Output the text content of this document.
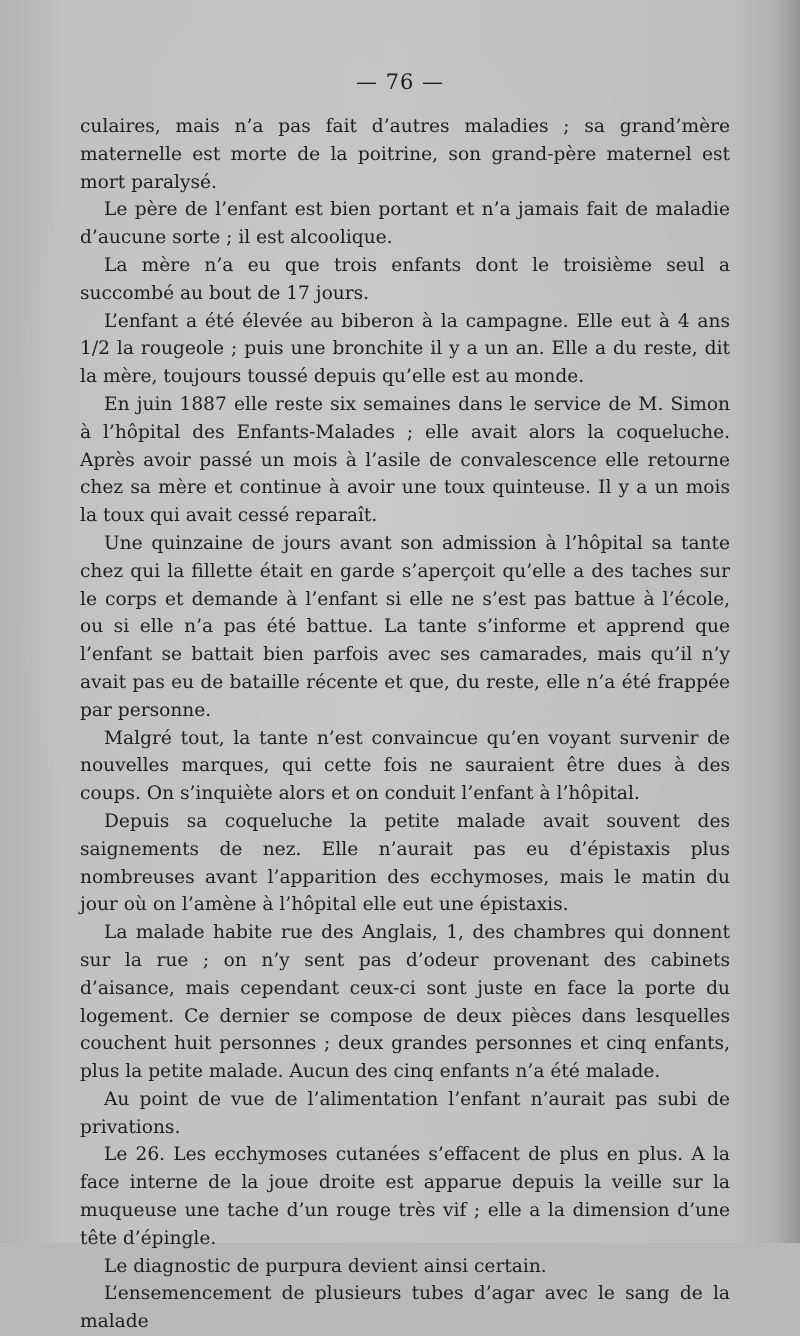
— 76 —

culaires, mais n’a pas fait d’autres maladies ; sa grand’mère maternelle est morte de la poitrine, son grand-père maternel est mort paralysé.

Le père de l’enfant est bien portant et n’a jamais fait de maladie d’aucune sorte ; il est alcoolique.

La mère n’a eu que trois enfants dont le troisième seul a succombé au bout de 17 jours.

L’enfant a été élevée au biberon à la campagne. Elle eut à 4 ans 1/2 la rougeole ; puis une bronchite il y a un an. Elle a du reste, dit la mère, toujours toussé depuis qu’elle est au monde.

En juin 1887 elle reste six semaines dans le service de M. Simon à l’hôpital des Enfants-Malades ; elle avait alors la coqueluche. Après avoir passé un mois à l’asile de convalescence elle retourne chez sa mère et continue à avoir une toux quinteuse. Il y a un mois la toux qui avait cessé reparaît.

Une quinzaine de jours avant son admission à l’hôpital sa tante chez qui la fillette était en garde s’aperçoit qu’elle a des taches sur le corps et demande à l’enfant si elle ne s’est pas battue à l’école, ou si elle n’a pas été battue. La tante s’informe et apprend que l’enfant se battait bien parfois avec ses camarades, mais qu’il n’y avait pas eu de bataille récente et que, du reste, elle n’a été frappée par personne.

Malgré tout, la tante n’est convaincue qu’en voyant survenir de nouvelles marques, qui cette fois ne sauraient être dues à des coups. On s’inquiète alors et on conduit l’enfant à l’hôpital.

Depuis sa coqueluche la petite malade avait souvent des saignements de nez. Elle n’aurait pas eu d’épistaxis plus nombreuses avant l’apparition des ecchymoses, mais le matin du jour où on l’amène à l’hôpital elle eut une épistaxis.

La malade habite rue des Anglais, 1, des chambres qui donnent sur la rue ; on n’y sent pas d’odeur provenant des cabinets d’aisance, mais cependant ceux-ci sont juste en face la porte du logement. Ce dernier se compose de deux pièces dans lesquelles couchent huit personnes ; deux grandes personnes et cinq enfants, plus la petite malade. Aucun des cinq enfants n’a été malade.

Au point de vue de l’alimentation l’enfant n’aurait pas subi de privations.

Le 26. Les ecchymoses cutanées s’effacent de plus en plus. A la face interne de la joue droite est apparue depuis la veille sur la muqueuse une tache d’un rouge très vif ; elle a la dimension d’une tête d’épingle.

Le diagnostic de purpura devient ainsi certain.

L’ensemencement de plusieurs tubes d’agar avec le sang de la malade
